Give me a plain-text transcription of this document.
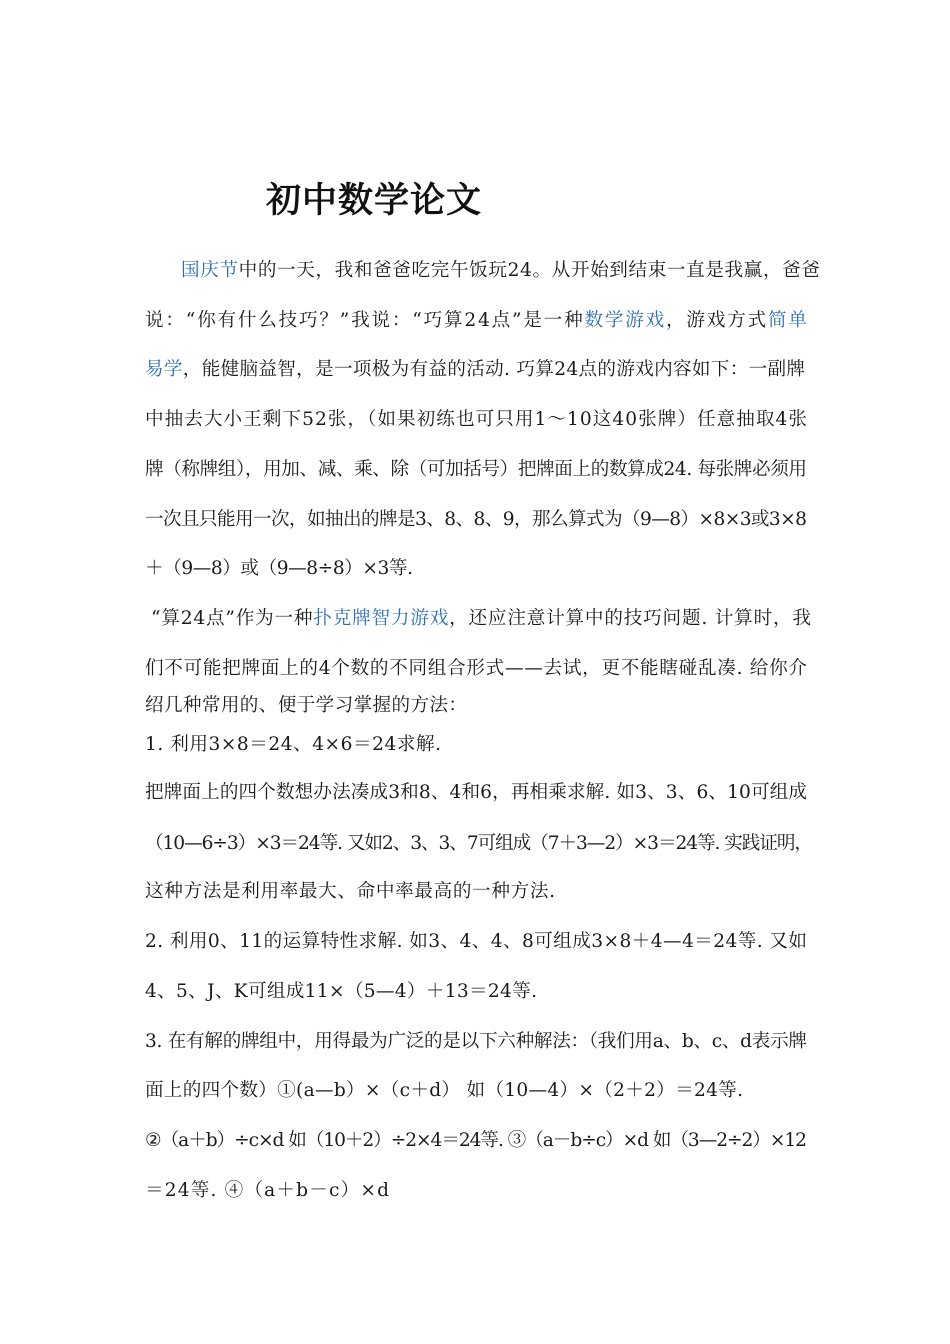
初中数学论文
国庆节中的一天，我和爸爸吃完午饭玩24。从开始到结束一直是我赢，爸爸
说：“你有什么技巧？”我说：“巧算24点”是一种数学游戏，游戏方式简单
易学，能健脑益智，是一项极为有益的活动. 巧算24点的游戏内容如下：一副牌
中抽去大小王剩下52张，（如果初练也可只用1～10这40张牌）任意抽取4张
牌（称牌组），用加、减、乘、除（可加括号）把牌面上的数算成24. 每张牌必须用
一次且只能用一次，如抽出的牌是3、8、8、9，那么算式为（9—8）×8×3或3×8
＋（9—8）或（9—8÷8）×3等.
“算24点”作为一种扑克牌智力游戏，还应注意计算中的技巧问题. 计算时，我
们不可能把牌面上的4个数的不同组合形式——去试，更不能瞎碰乱凑. 给你介
绍几种常用的、便于学习掌握的方法：
1. 利用3×8＝24、4×6＝24求解.
把牌面上的四个数想办法凑成3和8、4和6，再相乘求解. 如3、3、6、10可组成
（10—6÷3）×3＝24等. 又如2、3、3、7可组成（7＋3—2）×3＝24等. 实践证明，
这种方法是利用率最大、命中率最高的一种方法.
2. 利用0、11的运算特性求解. 如3、4、4、8可组成3×8＋4—4＝24等. 又如
4、5、J、K可组成11×（5—4）＋13＝24等.
3. 在有解的牌组中，用得最为广泛的是以下六种解法：（我们用a、b、c、d表示牌
面上的四个数）①(a—b）×（c＋d） 如（10—4）×（2＋2）＝24等.
②（a＋b）÷c×d 如（10＋2）÷2×4＝24等. ③（a－b÷c）×d 如（3—2÷2）×12
＝24等. ④（a＋b－c）×d
